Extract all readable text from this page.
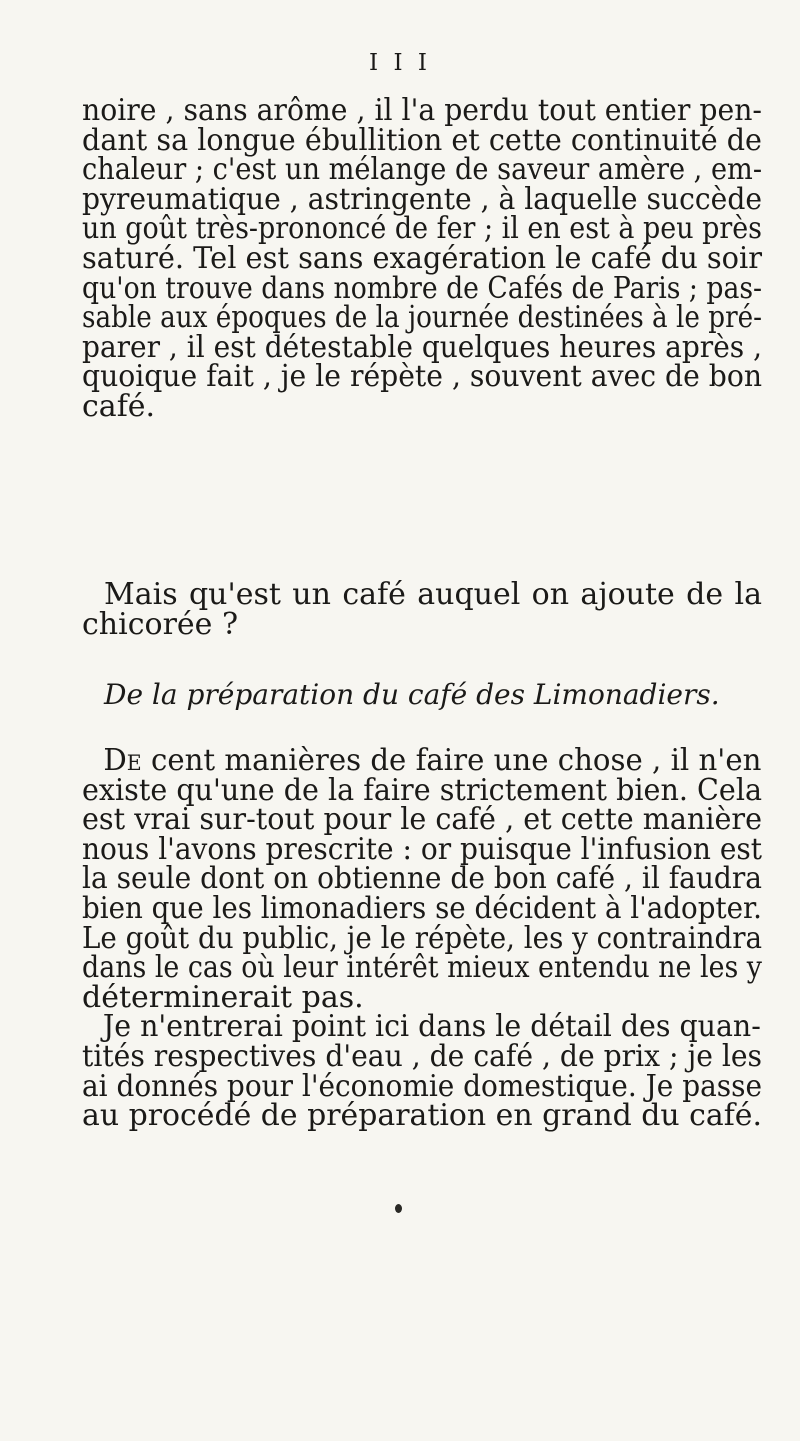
I I I
noire , sans arôme , il l'a perdu tout entier pen-
dant sa longue ébullition et cette continuité de
chaleur ; c'est un mélange de saveur amère , em-
pyreumatique , astringente , à laquelle succède
un goût très-prononcé de fer ; il en est à peu près
saturé. Tel est sans exagération le café du soir
qu'on trouve dans nombre de Cafés de Paris ; pas-
sable aux époques de la journée destinées à le pré-
parer , il est détestable quelques heures après ,
quoique fait , je le répète , souvent avec de bon
café.
Mais qu'est un café auquel on ajoute de la
chicorée ?
De la préparation du café des Limonadiers.
De cent manières de faire une chose , il n'en
existe qu'une de la faire strictement bien. Cela
est vrai sur-tout pour le café , et cette manière
nous l'avons prescrite : or puisque l'infusion est
la seule dont on obtienne de bon café , il faudra
bien que les limonadiers se décident à l'adopter.
Le goût du public, je le répète, les y contraindra
dans le cas où leur intérêt mieux entendu ne les y
déterminerait pas.
Je n'entrerai point ici dans le détail des quan-
tités respectives d'eau , de café , de prix ; je les
ai donnés pour l'économie domestique. Je passe
au procédé de préparation en grand du café.
